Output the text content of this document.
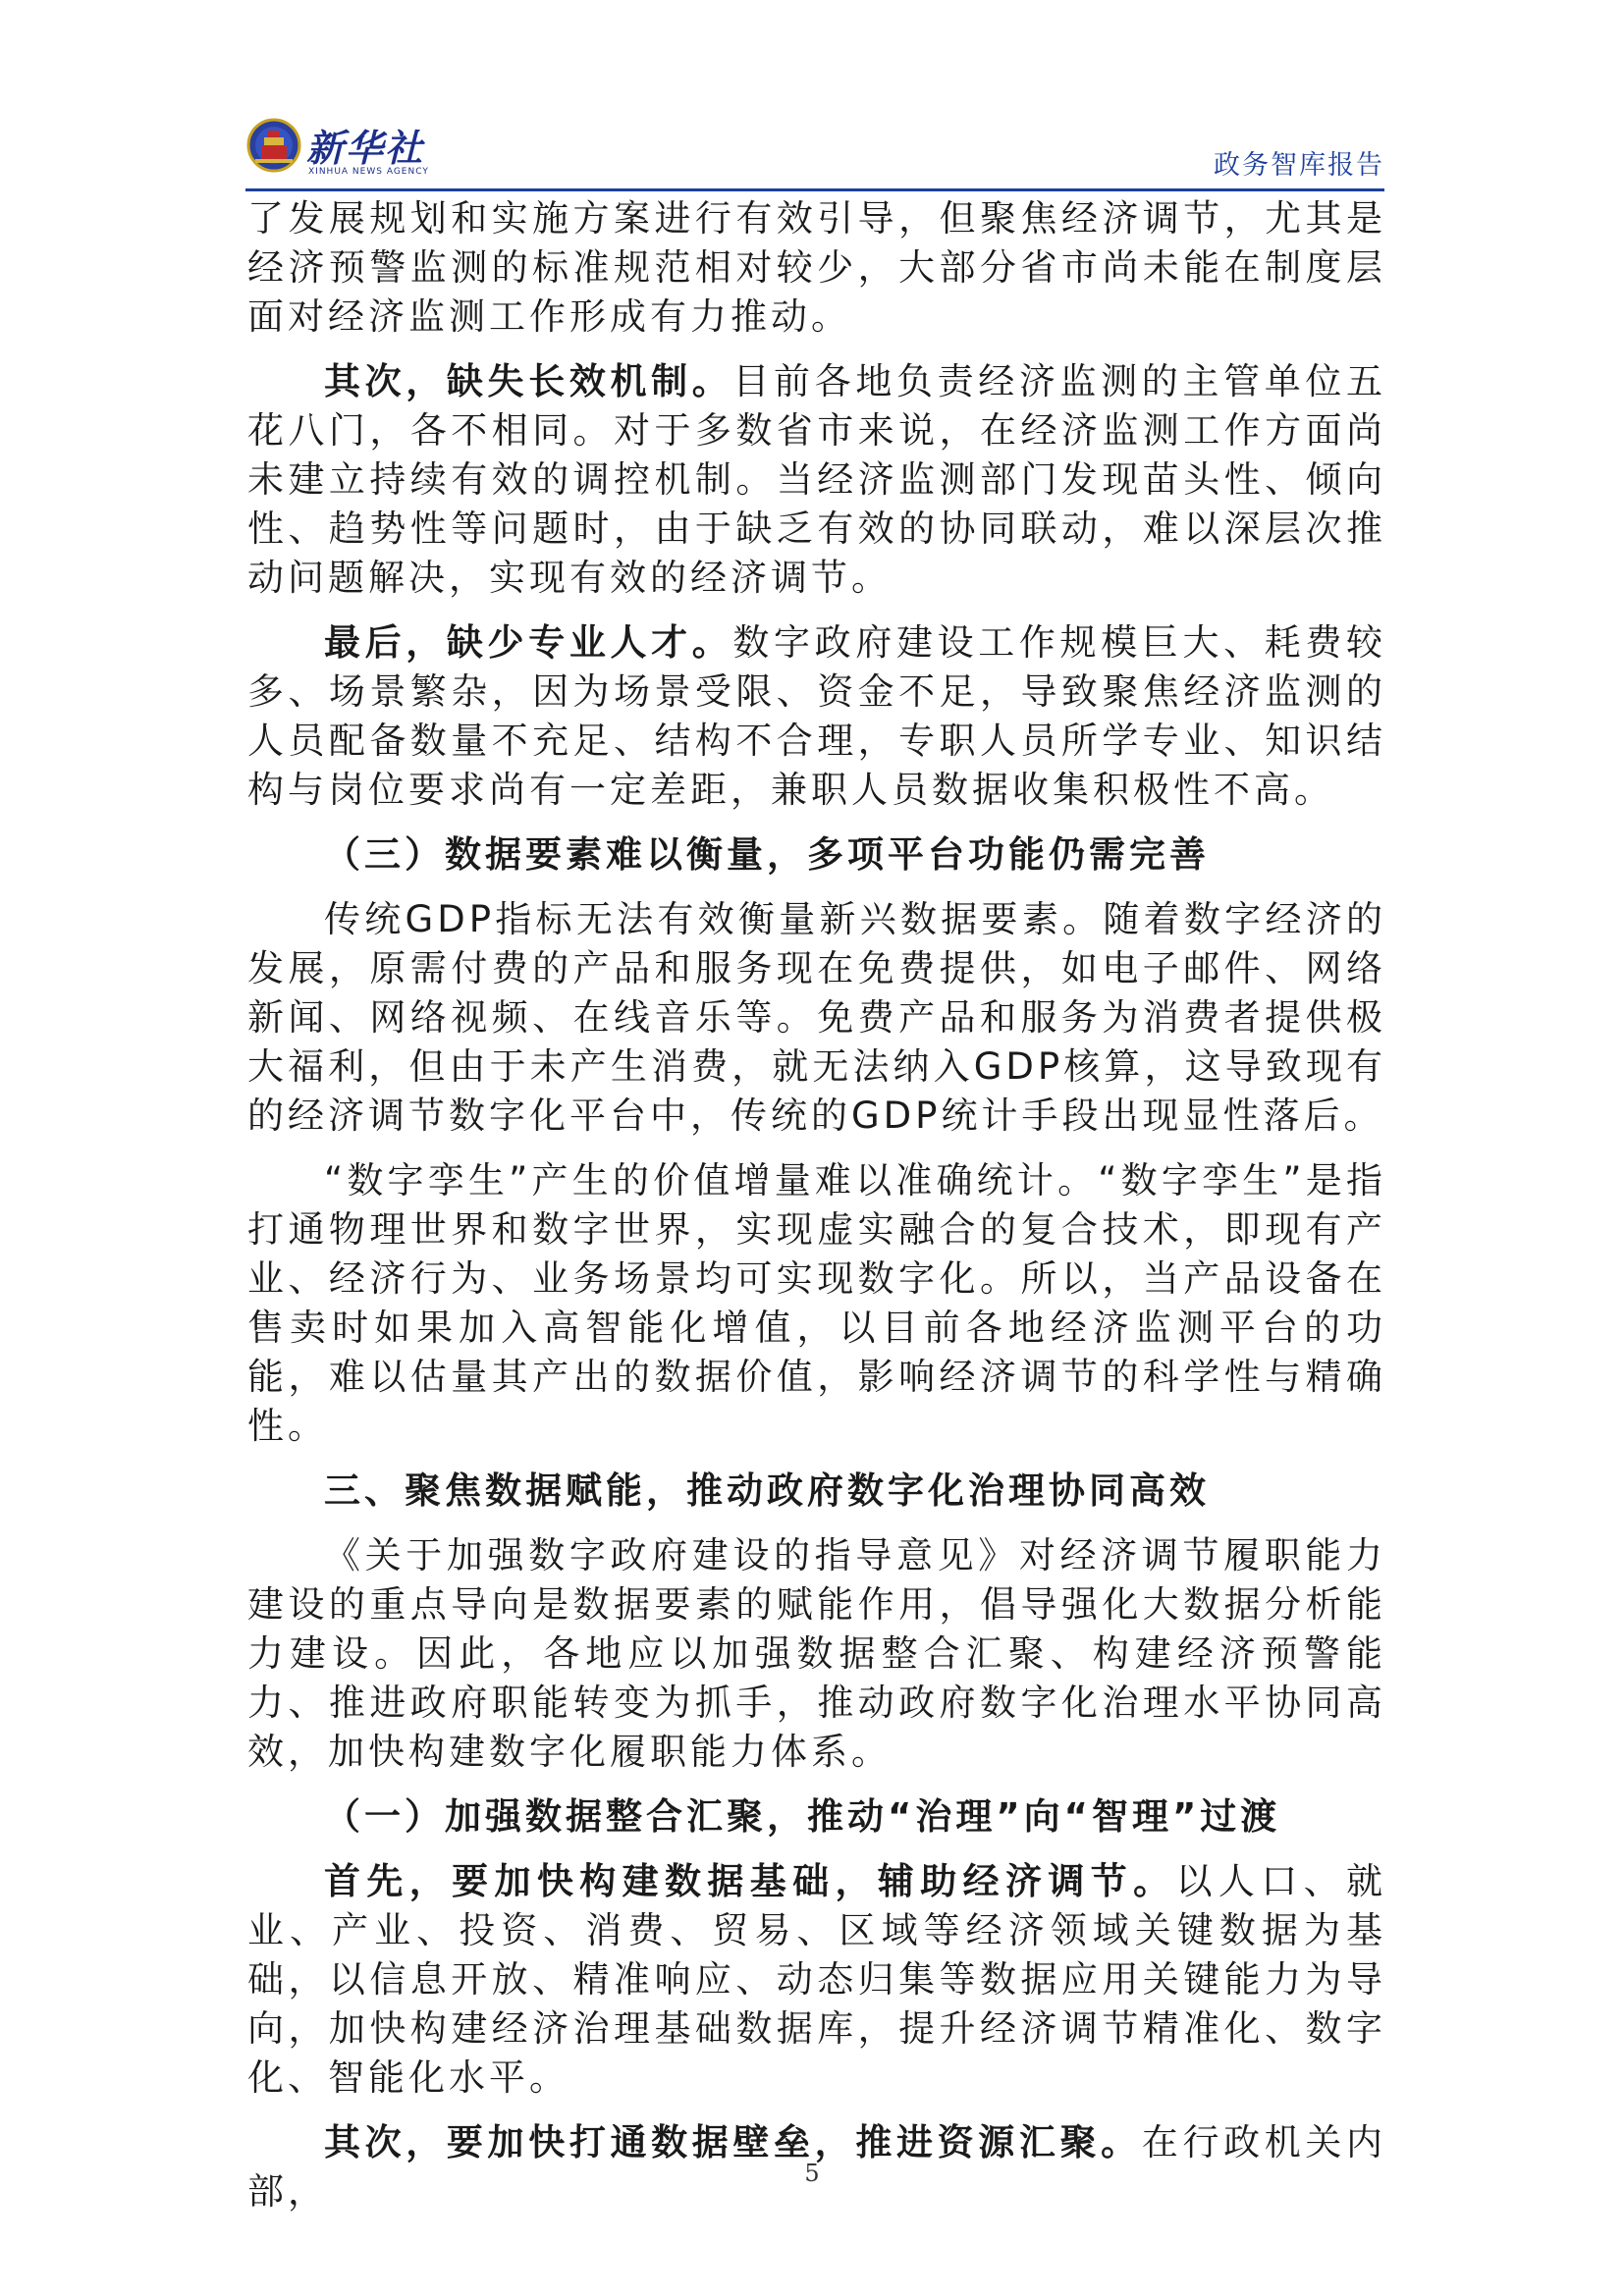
新华社
XINHUA NEWS AGENCY	政务智库报告

了发展规划和实施方案进行有效引导，但聚焦经济调节，尤其是经济预警监测的标准规范相对较少，大部分省市尚未能在制度层面对经济监测工作形成有力推动。

其次，缺失长效机制。目前各地负责经济监测的主管单位五花八门，各不相同。对于多数省市来说，在经济监测工作方面尚未建立持续有效的调控机制。当经济监测部门发现苗头性、倾向性、趋势性等问题时，由于缺乏有效的协同联动，难以深层次推动问题解决，实现有效的经济调节。

最后，缺少专业人才。数字政府建设工作规模巨大、耗费较多、场景繁杂，因为场景受限、资金不足，导致聚焦经济监测的人员配备数量不充足、结构不合理，专职人员所学专业、知识结构与岗位要求尚有一定差距，兼职人员数据收集积极性不高。

（三）数据要素难以衡量，多项平台功能仍需完善

传统GDP指标无法有效衡量新兴数据要素。随着数字经济的发展，原需付费的产品和服务现在免费提供，如电子邮件、网络新闻、网络视频、在线音乐等。免费产品和服务为消费者提供极大福利，但由于未产生消费，就无法纳入GDP核算，这导致现有的经济调节数字化平台中，传统的GDP统计手段出现显性落后。

“数字孪生”产生的价值增量难以准确统计。“数字孪生”是指打通物理世界和数字世界，实现虚实融合的复合技术，即现有产业、经济行为、业务场景均可实现数字化。所以，当产品设备在售卖时如果加入高智能化增值，以目前各地经济监测平台的功能，难以估量其产出的数据价值，影响经济调节的科学性与精确性。

三、聚焦数据赋能，推动政府数字化治理协同高效

《关于加强数字政府建设的指导意见》对经济调节履职能力建设的重点导向是数据要素的赋能作用，倡导强化大数据分析能力建设。因此，各地应以加强数据整合汇聚、构建经济预警能力、推进政府职能转变为抓手，推动政府数字化治理水平协同高效，加快构建数字化履职能力体系。

（一）加强数据整合汇聚，推动“治理”向“智理”过渡

首先，要加快构建数据基础，辅助经济调节。以人口、就业、产业、投资、消费、贸易、区域等经济领域关键数据为基础，以信息开放、精准响应、动态归集等数据应用关键能力为导向，加快构建经济治理基础数据库，提升经济调节精准化、数字化、智能化水平。

其次，要加快打通数据壁垒，推进资源汇聚。在行政机关内部，	5
